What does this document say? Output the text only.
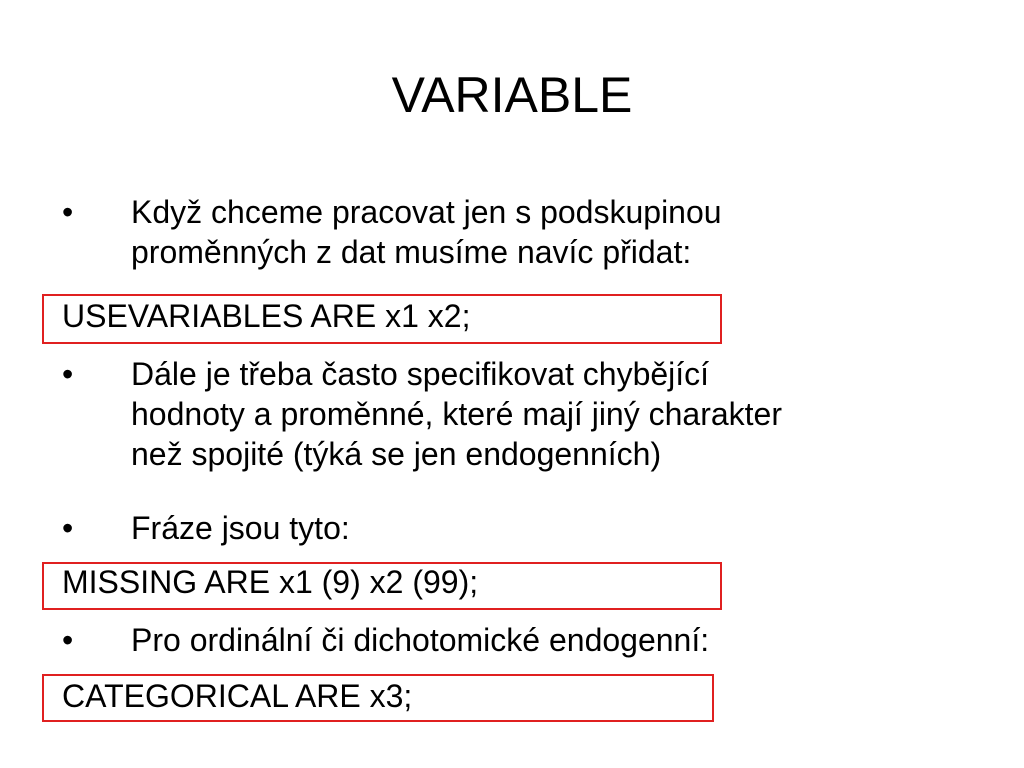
VARIABLE
• Když chceme pracovat jen s podskupinou
proměnných z dat musíme navíc přidat:
USEVARIABLES ARE x1 x2;
• Dále je třeba často specifikovat chybějící
hodnoty a proměnné, které mají jiný charakter
než spojité (týká se jen endogenních)
• Fráze jsou tyto:
MISSING ARE x1 (9) x2 (99);
• Pro ordinální či dichotomické endogenní:
CATEGORICAL ARE x3;
